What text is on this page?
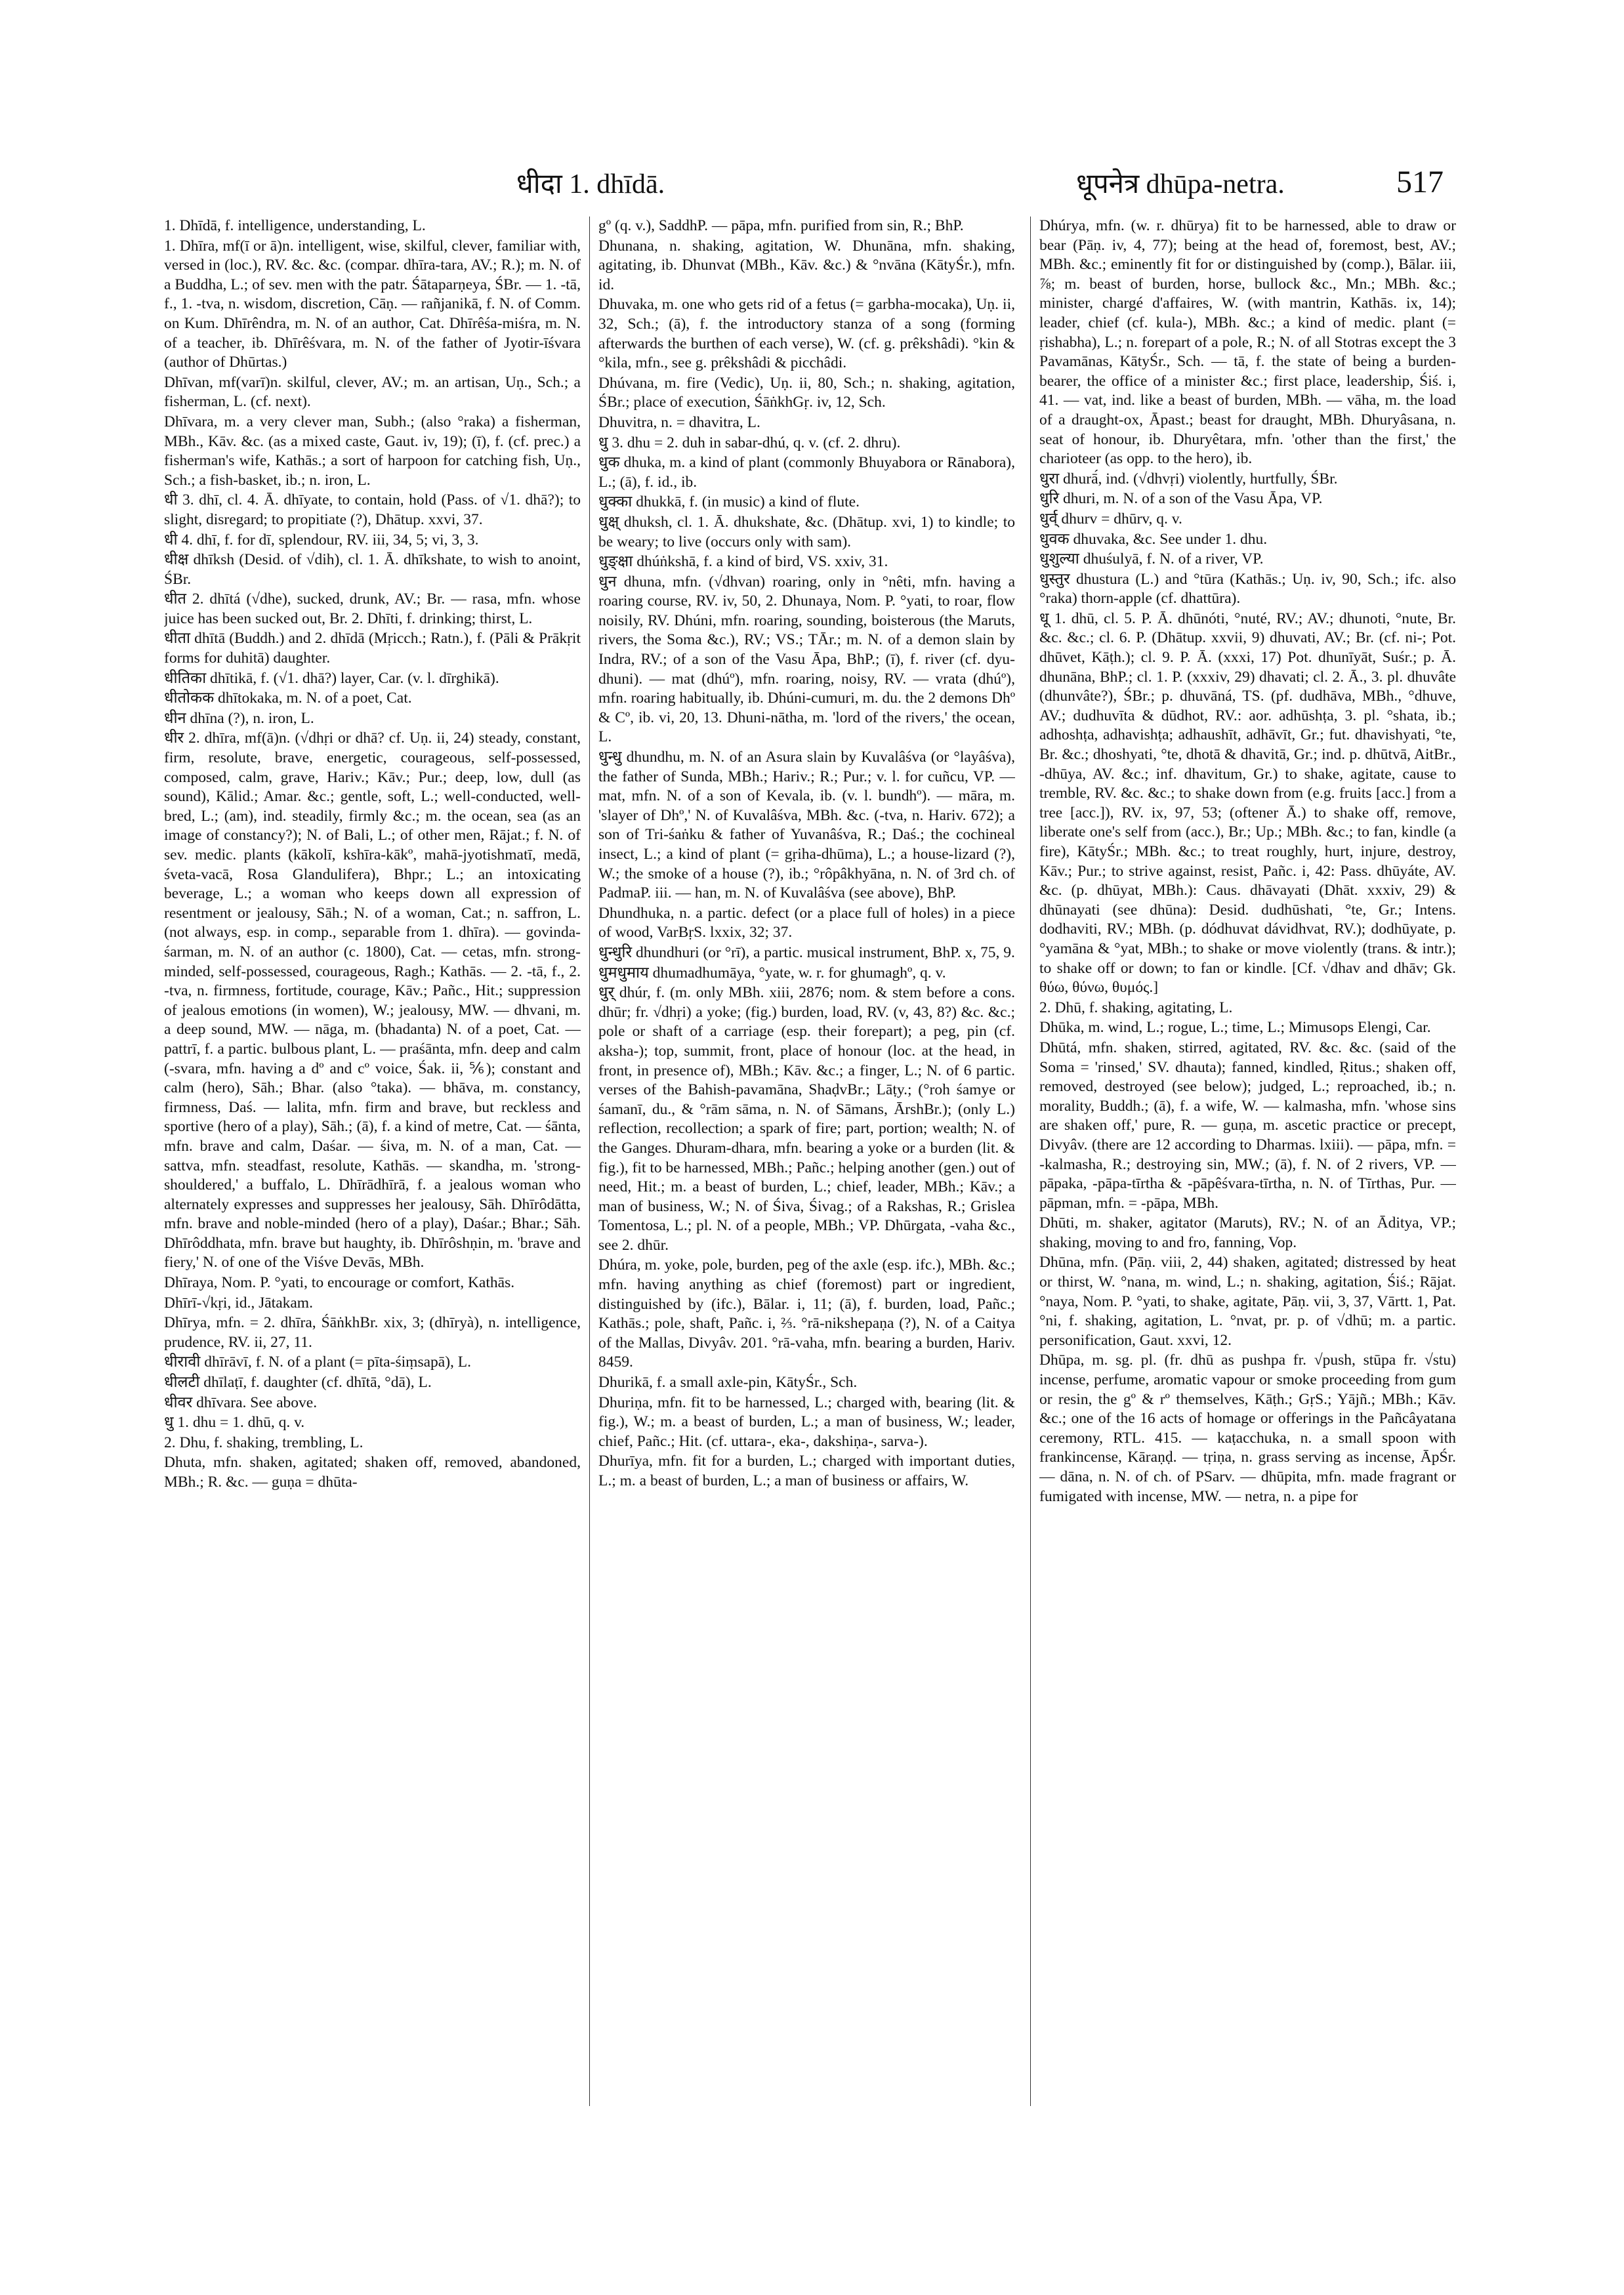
धीदा 1. dhīdā.	धूपनेत्र dhūpa-netra.	517

1. Dhīdā, f. intelligence, understanding, L.

1. Dhīra, mf(ī or ā)n. intelligent, wise, skilful, clever, familiar with, versed in (loc.), RV. &c. &c. (compar. dhīra-tara, AV.; R.); m. N. of a Buddha, L.; of sev. men with the patr. Śātaparṇeya, ŚBr. — 1. -tā, f., 1. -tva, n. wisdom, discretion, Cāṇ. — rañjanikā, f. N. of Comm. on Kum. Dhīrêndra, m. N. of an author, Cat. Dhīrêśa-miśra, m. N. of a teacher, ib. Dhīrêśvara, m. N. of the father of Jyotir-īśvara (author of Dhūrtas.)

Dhīvan, mf(varī)n. skilful, clever, AV.; m. an artisan, Uṇ., Sch.; a fisherman, L. (cf. next).

Dhīvara, m. a very clever man, Subh.; (also °raka) a fisherman, MBh., Kāv. &c. (as a mixed caste, Gaut. iv, 19); (ī), f. (cf. prec.) a fisherman's wife, Kathās.; a sort of harpoon for catching fish, Uṇ., Sch.; a fish-basket, ib.; n. iron, L.

धी 3. dhī, cl. 4. Ā. dhīyate, to contain, hold (Pass. of √1. dhā?); to slight, disregard; to propitiate (?), Dhātup. xxvi, 37.

धी 4. dhī, f. for dī, splendour, RV. iii, 34, 5; vi, 3, 3.

धीक्ष dhīksh (Desid. of √dih), cl. 1. Ā. dhīkshate, to wish to anoint, ŚBr.

धीत 2. dhītá (√dhe), sucked, drunk, AV.; Br. — rasa, mfn. whose juice has been sucked out, Br. 2. Dhīti, f. drinking; thirst, L.

धीता dhītā (Buddh.) and 2. dhīdā (Mṛicch.; Ratn.), f. (Pāli & Prākṛit forms for duhitā) daughter.

धीतिका dhītikā, f. (√1. dhā?) layer, Car. (v. l. dīrghikā).

धीतोकक dhītokaka, m. N. of a poet, Cat.

धीन dhīna (?), n. iron, L.

धीर 2. dhīra, mf(ā)n. (√dhṛi or dhā? cf. Uṇ. ii, 24) steady, constant, firm, resolute, brave, energetic, courageous, self-possessed, composed, calm, grave, Hariv.; Kāv.; Pur.; deep, low, dull (as sound), Kālid.; Amar. &c.; gentle, soft, L.; well-conducted, well-bred, L.; (am), ind. steadily, firmly &c.; m. the ocean, sea (as an image of constancy?); N. of Bali, L.; of other men, Rājat.; f. N. of sev. medic. plants (kākolī, kshīra-kākº, mahā-jyotishmatī, medā, śveta-vacā, Rosa Glandulifera), Bhpr.; L.; an intoxicating beverage, L.; a woman who keeps down all expression of resentment or jealousy, Sāh.; N. of a woman, Cat.; n. saffron, L. (not always, esp. in comp., separable from 1. dhīra). — govinda-śarman, m. N. of an author (c. 1800), Cat. — cetas, mfn. strong-minded, self-possessed, courageous, Ragh.; Kathās. — 2. -tā, f., 2. -tva, n. firmness, fortitude, courage, Kāv.; Pañc., Hit.; suppression of jealous emotions (in women), W.; jealousy, MW. — dhvani, m. a deep sound, MW. — nāga, m. (bhadanta) N. of a poet, Cat. — pattrī, f. a partic. bulbous plant, L. — praśānta, mfn. deep and calm (-svara, mfn. having a dº and cº voice, Śak. ii, ⅚); constant and calm (hero), Sāh.; Bhar. (also °taka). — bhāva, m. constancy, firmness, Daś. — lalita, mfn. firm and brave, but reckless and sportive (hero of a play), Sāh.; (ā), f. a kind of metre, Cat. — śānta, mfn. brave and calm, Daśar. — śiva, m. N. of a man, Cat. — sattva, mfn. steadfast, resolute, Kathās. — skandha, m. 'strong-shouldered,' a buffalo, L. Dhīrādhīrā, f. a jealous woman who alternately expresses and suppresses her jealousy, Sāh. Dhīrôdātta, mfn. brave and noble-minded (hero of a play), Daśar.; Bhar.; Sāh. Dhīrôddhata, mfn. brave but haughty, ib. Dhīrôshṇin, m. 'brave and fiery,' N. of one of the Viśve Devās, MBh.

Dhīraya, Nom. P. °yati, to encourage or comfort, Kathās.

Dhīrī-√kṛi, id., Jātakam.

Dhīrya, mfn. = 2. dhīra, ŚāṅkhBr. xix, 3; (dhīryà), n. intelligence, prudence, RV. ii, 27, 11.

धीरावी dhīrāvī, f. N. of a plant (= pīta-śiṃsapā), L.

धीलटी dhīlaṭī, f. daughter (cf. dhītā, °dā), L.

धीवर dhīvara. See above.

धु 1. dhu = 1. dhū, q. v.

2. Dhu, f. shaking, trembling, L.

Dhuta, mfn. shaken, agitated; shaken off, removed, abandoned, MBh.; R. &c. — guṇa = dhūta-

gº (q. v.), SaddhP. — pāpa, mfn. purified from sin, R.; BhP.

Dhunana, n. shaking, agitation, W. Dhunāna, mfn. shaking, agitating, ib. Dhunvat (MBh., Kāv. &c.) & °nvāna (KātyŚr.), mfn. id.

Dhuvaka, m. one who gets rid of a fetus (= garbha-mocaka), Uṇ. ii, 32, Sch.; (ā), f. the introductory stanza of a song (forming afterwards the burthen of each verse), W. (cf. g. prêkshâdi). °kin & °kila, mfn., see g. prêkshâdi & picchâdi.

Dhúvana, m. fire (Vedic), Uṇ. ii, 80, Sch.; n. shaking, agitation, ŚBr.; place of execution, ŚāṅkhGṛ. iv, 12, Sch.

Dhuvitra, n. = dhavitra, L.

धु 3. dhu = 2. duh in sabar-dhú, q. v. (cf. 2. dhru).

धुक dhuka, m. a kind of plant (commonly Bhuyabora or Rānabora), L.; (ā), f. id., ib.

धुक्का dhukkā, f. (in music) a kind of flute.

धुक्ष् dhuksh, cl. 1. Ā. dhukshate, &c. (Dhātup. xvi, 1) to kindle; to be weary; to live (occurs only with sam).

धुङ्क्षा dhúṅkshā, f. a kind of bird, VS. xxiv, 31.

धुन dhuna, mfn. (√dhvan) roaring, only in °nêti, mfn. having a roaring course, RV. iv, 50, 2. Dhunaya, Nom. P. °yati, to roar, flow noisily, RV. Dhúni, mfn. roaring, sounding, boisterous (the Maruts, rivers, the Soma &c.), RV.; VS.; TĀr.; m. N. of a demon slain by Indra, RV.; of a son of the Vasu Āpa, BhP.; (ī), f. river (cf. dyu-dhuni). — mat (dhúº), mfn. roaring, noisy, RV. — vrata (dhúº), mfn. roaring habitually, ib. Dhúni-cumuri, m. du. the 2 demons Dhº & Cº, ib. vi, 20, 13. Dhuni-nātha, m. 'lord of the rivers,' the ocean, L.

धुन्धु dhundhu, m. N. of an Asura slain by Kuvalâśva (or °layâśva), the father of Sunda, MBh.; Hariv.; R.; Pur.; v. l. for cuñcu, VP. — mat, mfn. N. of a son of Kevala, ib. (v. l. bundhº). — māra, m. 'slayer of Dhº,' N. of Kuvalâśva, MBh. &c. (-tva, n. Hariv. 672); a son of Tri-śaṅku & father of Yuvanâśva, R.; Daś.; the cochineal insect, L.; a kind of plant (= gṛiha-dhūma), L.; a house-lizard (?), W.; the smoke of a house (?), ib.; °rôpâkhyāna, n. N. of 3rd ch. of PadmaP. iii. — han, m. N. of Kuvalâśva (see above), BhP.

Dhundhuka, n. a partic. defect (or a place full of holes) in a piece of wood, VarBṛS. lxxix, 32; 37.

धुन्धुरि dhundhuri (or °rī), a partic. musical instrument, BhP. x, 75, 9.

धुमधुमाय dhumadhumāya, °yate, w. r. for ghumaghº, q. v.

धुर् dhúr, f. (m. only MBh. xiii, 2876; nom. & stem before a cons. dhūr; fr. √dhṛi) a yoke; (fig.) burden, load, RV. (v, 43, 8?) &c. &c.; pole or shaft of a carriage (esp. their forepart); a peg, pin (cf. aksha-); top, summit, front, place of honour (loc. at the head, in front, in presence of), MBh.; Kāv. &c.; a finger, L.; N. of 6 partic. verses of the Bahish-pavamāna, ShaḍvBr.; Lāṭy.; (°roh śamye or śamanī, du., & °rām sāma, n. N. of Sāmans, ĀrshBr.); (only L.) reflection, recollection; a spark of fire; part, portion; wealth; N. of the Ganges. Dhuram-dhara, mfn. bearing a yoke or a burden (lit. & fig.), fit to be harnessed, MBh.; Pañc.; helping another (gen.) out of need, Hit.; m. a beast of burden, L.; chief, leader, MBh.; Kāv.; a man of business, W.; N. of Śiva, Śivag.; of a Rakshas, R.; Grislea Tomentosa, L.; pl. N. of a people, MBh.; VP. Dhūrgata, -vaha &c., see 2. dhūr.

Dhúra, m. yoke, pole, burden, peg of the axle (esp. ifc.), MBh. &c.; mfn. having anything as chief (foremost) part or ingredient, distinguished by (ifc.), Bālar. i, 11; (ā), f. burden, load, Pañc.; Kathās.; pole, shaft, Pañc. i, ⅔. °rā-nikshepaṇa (?), N. of a Caitya of the Mallas, Divyâv. 201. °rā-vaha, mfn. bearing a burden, Hariv. 8459.

Dhurikā, f. a small axle-pin, KātyŚr., Sch.

Dhuriṇa, mfn. fit to be harnessed, L.; charged with, bearing (lit. & fig.), W.; m. a beast of burden, L.; a man of business, W.; leader, chief, Pañc.; Hit. (cf. uttara-, eka-, dakshiṇa-, sarva-).

Dhurīya, mfn. fit for a burden, L.; charged with important duties, L.; m. a beast of burden, L.; a man of business or affairs, W.

Dhúrya, mfn. (w. r. dhūrya) fit to be harnessed, able to draw or bear (Pāṇ. iv, 4, 77); being at the head of, foremost, best, AV.; MBh. &c.; eminently fit for or distinguished by (comp.), Bālar. iii, ⅞; m. beast of burden, horse, bullock &c., Mn.; MBh. &c.; minister, chargé d'affaires, W. (with mantrin, Kathās. ix, 14); leader, chief (cf. kula-), MBh. &c.; a kind of medic. plant (= ṛishabha), L.; n. forepart of a pole, R.; N. of all Stotras except the 3 Pavamānas, KātyŚr., Sch. — tā, f. the state of being a burden-bearer, the office of a minister &c.; first place, leadership, Śiś. i, 41. — vat, ind. like a beast of burden, MBh. — vāha, m. the load of a draught-ox, Āpast.; beast for draught, MBh. Dhuryâsana, n. seat of honour, ib. Dhuryêtara, mfn. 'other than the first,' the charioteer (as opp. to the hero), ib.

धुरा dhurā́, ind. (√dhvṛi) violently, hurtfully, ŚBr.

धुरि dhuri, m. N. of a son of the Vasu Āpa, VP.

धुर्व् dhurv = dhūrv, q. v.

धुवक dhuvaka, &c. See under 1. dhu.

धुशुल्या dhuśulyā, f. N. of a river, VP.

धुस्तुर dhustura (L.) and °tūra (Kathās.; Uṇ. iv, 90, Sch.; ifc. also °raka) thorn-apple (cf. dhattūra).

धू 1. dhū, cl. 5. P. Ā. dhūnóti, °nuté, RV.; AV.; dhunoti, °nute, Br. &c. &c.; cl. 6. P. (Dhātup. xxvii, 9) dhuvati, AV.; Br. (cf. ni-; Pot. dhūvet, Kāṭh.); cl. 9. P. Ā. (xxxi, 17) Pot. dhunīyāt, Suśr.; p. Ā. dhunāna, BhP.; cl. 1. P. (xxxiv, 29) dhavati; cl. 2. Ā., 3. pl. dhuvâte (dhunvâte?), ŚBr.; p. dhuvāná, TS. (pf. dudhāva, MBh., °dhuve, AV.; dudhuvīta & dūdhot, RV.: aor. adhūshṭa, 3. pl. °shata, ib.; adhoshṭa, adhavishṭa; adhaushīt, adhāvīt, Gr.; fut. dhavishyati, °te, Br. &c.; dhoshyati, °te, dhotā & dhavitā, Gr.; ind. p. dhūtvā, AitBr., -dhūya, AV. &c.; inf. dhavitum, Gr.) to shake, agitate, cause to tremble, RV. &c. &c.; to shake down from (e.g. fruits [acc.] from a tree [acc.]), RV. ix, 97, 53; (oftener Ā.) to shake off, remove, liberate one's self from (acc.), Br.; Up.; MBh. &c.; to fan, kindle (a fire), KātyŚr.; MBh. &c.; to treat roughly, hurt, injure, destroy, Kāv.; Pur.; to strive against, resist, Pañc. i, 42: Pass. dhūyáte, AV. &c. (p. dhūyat, MBh.): Caus. dhāvayati (Dhāt. xxxiv, 29) & dhūnayati (see dhūna): Desid. dudhūshati, °te, Gr.; Intens. dodhaviti, RV.; MBh. (p. dódhuvat dávidhvat, RV.); dodhūyate, p. °yamāna & °yat, MBh.; to shake or move violently (trans. & intr.); to shake off or down; to fan or kindle. [Cf. √dhav and dhāv; Gk. θύω, θύνω, θυμός.]

2. Dhū, f. shaking, agitating, L.

Dhūka, m. wind, L.; rogue, L.; time, L.; Mimusops Elengi, Car.

Dhūtá, mfn. shaken, stirred, agitated, RV. &c. &c. (said of the Soma = 'rinsed,' SV. dhauta); fanned, kindled, Ṛitus.; shaken off, removed, destroyed (see below); judged, L.; reproached, ib.; n. morality, Buddh.; (ā), f. a wife, W. — kalmasha, mfn. 'whose sins are shaken off,' pure, R. — guṇa, m. ascetic practice or precept, Divyâv. (there are 12 according to Dharmas. lxiii). — pāpa, mfn. = -kalmasha, R.; destroying sin, MW.; (ā), f. N. of 2 rivers, VP. — pāpaka, -pāpa-tīrtha & -pāpêśvara-tīrtha, n. N. of Tīrthas, Pur. — pāpman, mfn. = -pāpa, MBh.

Dhūti, m. shaker, agitator (Maruts), RV.; N. of an Āditya, VP.; shaking, moving to and fro, fanning, Vop.

Dhūna, mfn. (Pāṇ. viii, 2, 44) shaken, agitated; distressed by heat or thirst, W. °nana, m. wind, L.; n. shaking, agitation, Śiś.; Rājat. °naya, Nom. P. °yati, to shake, agitate, Pāṇ. vii, 3, 37, Vārtt. 1, Pat. °ni, f. shaking, agitation, L. °nvat, pr. p. of √dhū; m. a partic. personification, Gaut. xxvi, 12.

Dhūpa, m. sg. pl. (fr. dhū as pushpa fr. √push, stūpa fr. √stu) incense, perfume, aromatic vapour or smoke proceeding from gum or resin, the gº & rº themselves, Kāṭh.; GṛS.; Yājñ.; MBh.; Kāv. &c.; one of the 16 acts of homage or offerings in the Pañcâyatana ceremony, RTL. 415. — kaṭacchuka, n. a small spoon with frankincense, Kāraṇḍ. — tṛiṇa, n. grass serving as incense, ĀpŚr. — dāna, n. N. of ch. of PSarv. — dhūpita, mfn. made fragrant or fumigated with incense, MW. — netra, n. a pipe for
